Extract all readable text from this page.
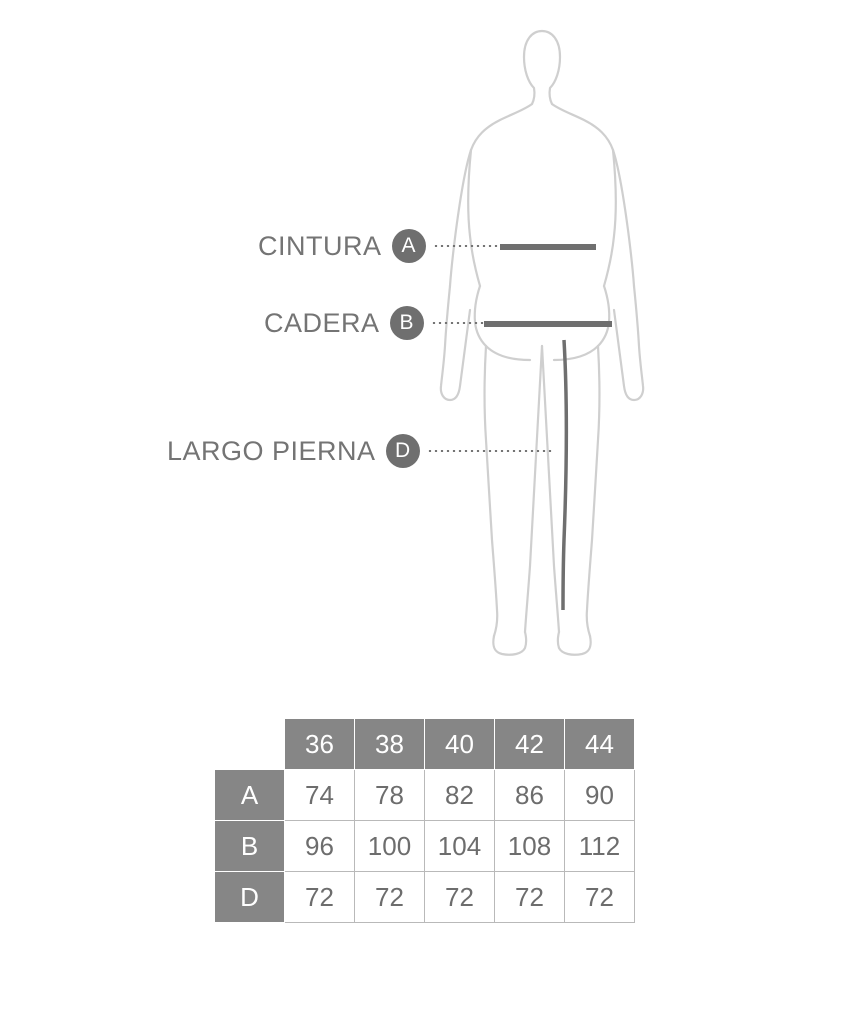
CINTURA A
CADERA B
LARGO PIERNA D
	36	38	40	42	44
A	74	78	82	86	90
B	96	100	104	108	112
D	72	72	72	72	72
